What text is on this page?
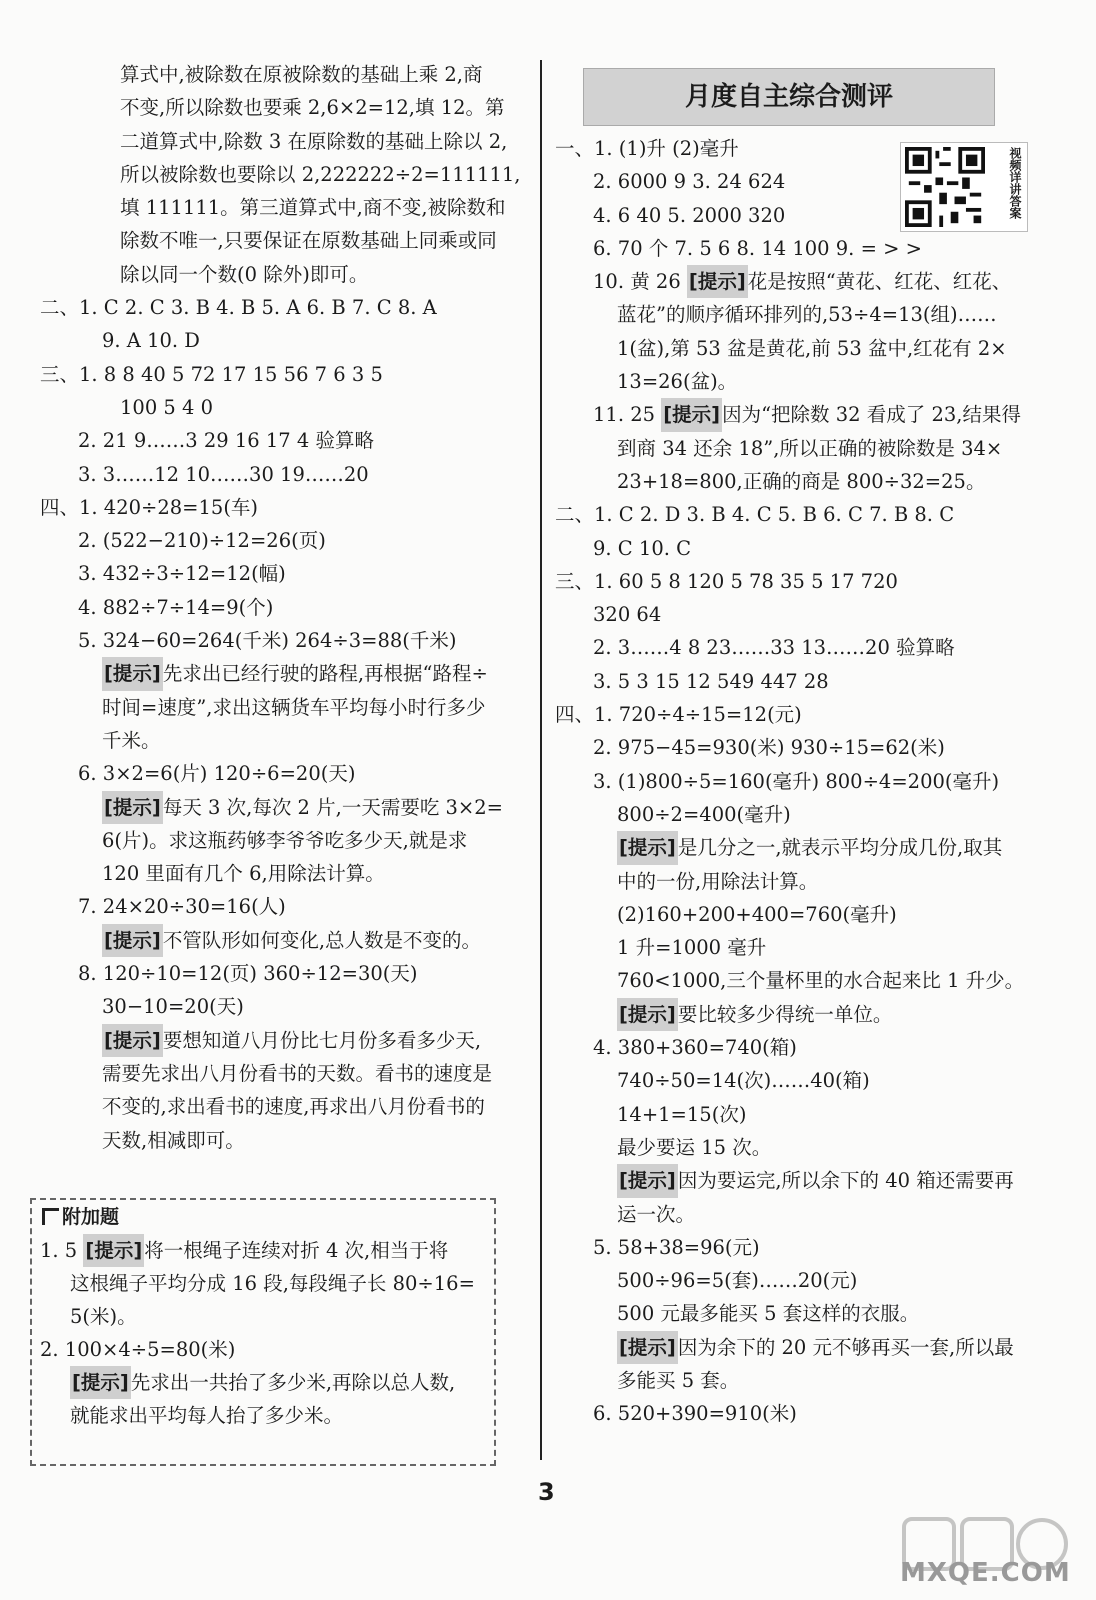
算式中,被除数在原被除数的基础上乘 2,商
不变,所以除数也要乘 2,6×2=12,填 12。第
二道算式中,除数 3 在原除数的基础上除以 2,
所以被除数也要除以 2,222222÷2=111111,
填 111111。第三道算式中,商不变,被除数和
除数不唯一,只要保证在原数基础上同乘或同
除以同一个数(0 除外)即可。
二、1. C 2. C 3. B 4. B 5. A 6. B 7. C 8. A
9. A 10. D
三、1. 8 8 40 5 72 17 15 56 7 6 3 5
100 5 4 0
2. 21 9……3 29 16 17 4 验算略
3. 3……12 10……30 19……20
四、1. 420÷28=15(车)
2. (522−210)÷12=26(页)
3. 432÷3÷12=12(幅)
4. 882÷7÷14=9(个)
5. 324−60=264(千米) 264÷3=88(千米)
[提示] 先求出已经行驶的路程,再根据“路程÷
时间=速度”,求出这辆货车平均每小时行多少
千米。
6. 3×2=6(片) 120÷6=20(天)
[提示] 每天 3 次,每次 2 片,一天需要吃 3×2=
6(片)。求这瓶药够李爷爷吃多少天,就是求
120 里面有几个 6,用除法计算。
7. 24×20÷30=16(人)
[提示] 不管队形如何变化,总人数是不变的。
8. 120÷10=12(页) 360÷12=30(天)
30−10=20(天)
[提示] 要想知道八月份比七月份多看多少天,
需要先求出八月份看书的天数。看书的速度是
不变的,求出看书的速度,再求出八月份看书的
天数,相减即可。
附加题
1. 5 [提示] 将一根绳子连续对折 4 次,相当于将
这根绳子平均分成 16 段,每段绳子长 80÷16=
5(米)。
2. 100×4÷5=80(米)
[提示] 先求出一共抬了多少米,再除以总人数,
就能求出平均每人抬了多少米。
月度自主综合测评
一、1. (1)升 (2)毫升
2. 6000 9 3. 24 624
4. 6 40 5. 2000 320
6. 70 个 7. 5 6 8. 14 100 9. = > >
10. 黄 26 [提示] 花是按照“黄花、红花、红花、
蓝花”的顺序循环排列的,53÷4=13(组)……
1(盆),第 53 盆是黄花,前 53 盆中,红花有 2×
13=26(盆)。
11. 25 [提示] 因为“把除数 32 看成了 23,结果得
到商 34 还余 18”,所以正确的被除数是 34×
23+18=800,正确的商是 800÷32=25。
二、1. C 2. D 3. B 4. C 5. B 6. C 7. B 8. C
9. C 10. C
三、1. 60 5 8 120 5 78 35 5 17 720
320 64
2. 3……4 8 23……33 13……20 验算略
3. 5 3 15 12 549 447 28
四、1. 720÷4÷15=12(元)
2. 975−45=930(米) 930÷15=62(米)
3. (1)800÷5=160(毫升) 800÷4=200(毫升)
800÷2=400(毫升)
[提示] 是几分之一,就表示平均分成几份,取其
中的一份,用除法计算。
(2)160+200+400=760(毫升)
1 升=1000 毫升
760<1000,三个量杯里的水合起来比 1 升少。
[提示] 要比较多少得统一单位。
4. 380+360=740(箱)
740÷50=14(次)……40(箱)
14+1=15(次)
最少要运 15 次。
[提示] 因为要运完,所以余下的 40 箱还需要再
运一次。
5. 58+38=96(元)
500÷96=5(套)……20(元)
500 元最多能买 5 套这样的衣服。
[提示] 因为余下的 20 元不够再买一套,所以最
多能买 5 套。
6. 520+390=910(米)
视频详讲答案
3
MXQE.COM
